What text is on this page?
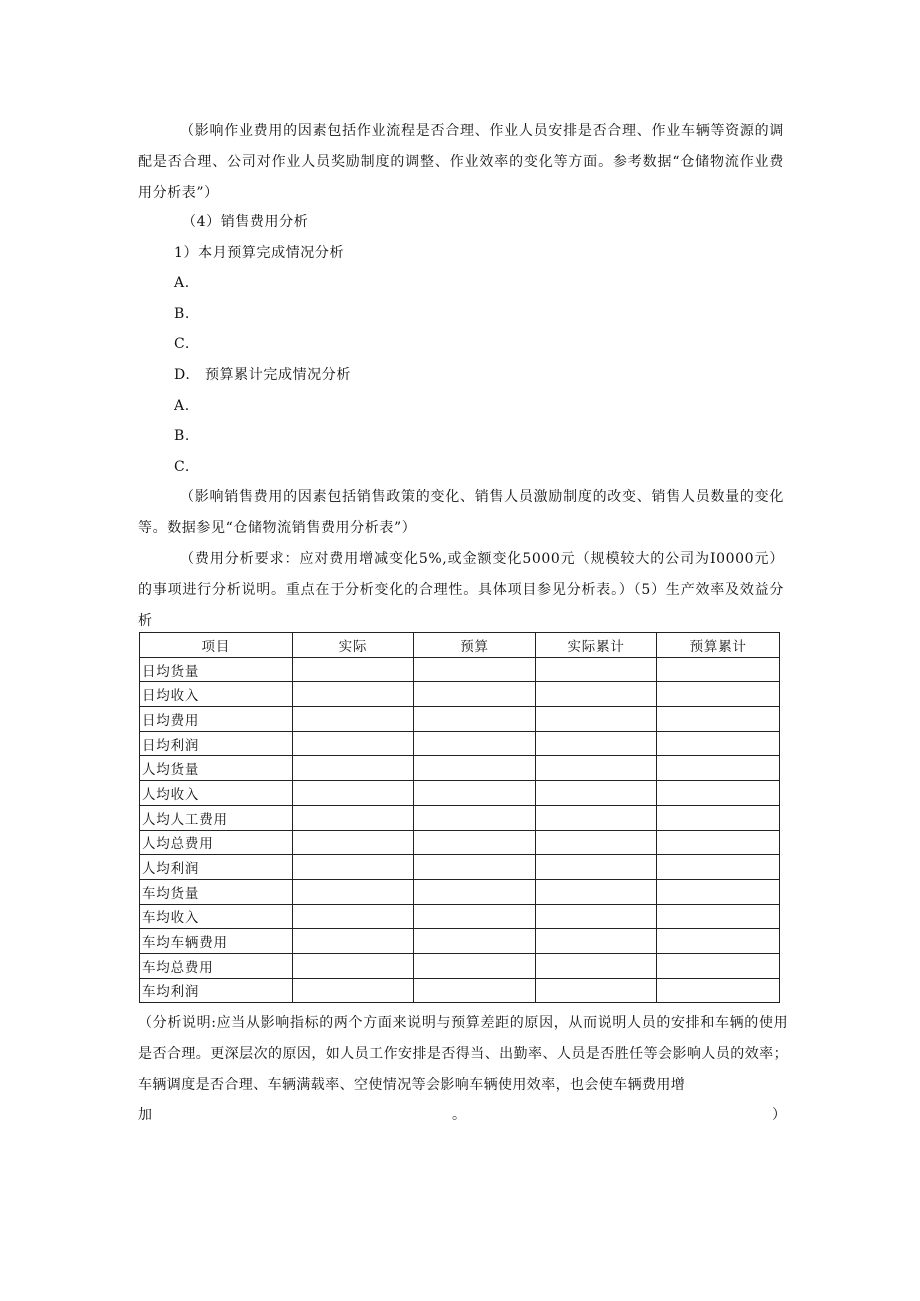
（影响作业费用的因素包括作业流程是否合理、作业人员安排是否合理、作业车辆等资源的调配是否合理、公司对作业人员奖励制度的调整、作业效率的变化等方面。参考数据“仓储物流作业费用分析表”）

（4）销售费用分析

1）本月预算完成情况分析

A.

B.

C.

D.　预算累计完成情况分析

A.

B.

C.

（影响销售费用的因素包括销售政策的变化、销售人员激励制度的改变、销售人员数量的变化等。数据参见“仓储物流销售费用分析表”）

（费用分析要求：应对费用增减变化5%,或金额变化5000元（规模较大的公司为I0000元）的事项进行分析说明。重点在于分析变化的合理性。具体项目参见分析表。）（5）生产效率及效益分析

项目	实际	预算	实际累计	预算累计
日均货量				
日均收入				
日均费用				
日均利润				
人均货量				
人均收入				
人均人工费用				
人均总费用				
人均利润				
车均货量				
车均收入				
车均车辆费用				
车均总费用				
车均利润				

（分析说明:应当从影响指标的两个方面来说明与预算差距的原因，从而说明人员的安排和车辆的使用是否合理。更深层次的原因，如人员工作安排是否得当、出勤率、人员是否胜任等会影响人员的效率；车辆调度是否合理、车辆满载率、空使情况等会影响车辆使用效率，也会使车辆费用增

加	。	）
